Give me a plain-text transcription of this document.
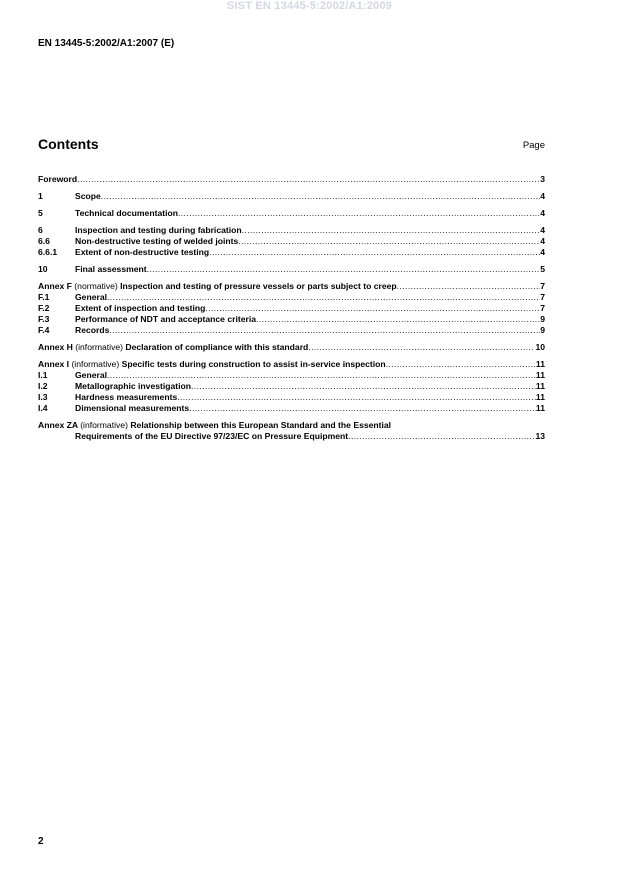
SIST EN 13445-5:2002/A1:2009
EN 13445-5:2002/A1:2007 (E)
Contents	Page
Foreword .....	3
1	Scope .....	4
5	Technical documentation .....	4
6	Inspection and testing during fabrication .....	4
6.6	Non-destructive testing of welded joints .....	4
6.6.1	Extent of non-destructive testing .....	4
10	Final assessment .....	5
Annex F (normative) Inspection and testing of pressure vessels or parts subject to creep .....	7
F.1	General .....	7
F.2	Extent of inspection and testing .....	7
F.3	Performance of NDT and acceptance criteria .....	9
F.4	Records .....	9
Annex H (informative) Declaration of compliance with this standard .....	10
Annex I (informative) Specific tests during construction to assist in-service inspection .....	11
I.1	General .....	11
I.2	Metallographic investigation .....	11
I.3	Hardness measurements .....	11
I.4	Dimensional measurements .....	11
Annex ZA (informative) Relationship between this European Standard and the Essential
Requirements of the EU Directive 97/23/EC on Pressure Equipment .....	13
2
